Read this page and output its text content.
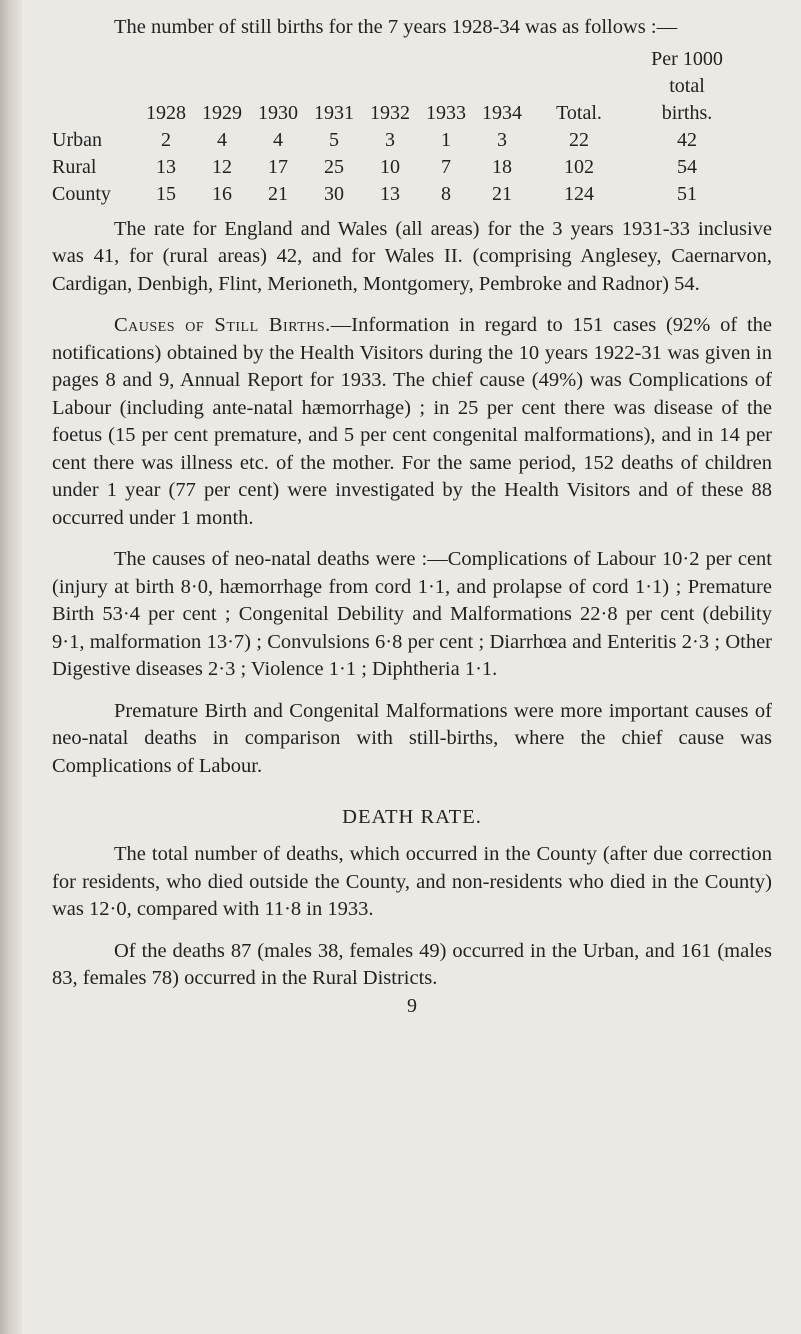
The number of still births for the 7 years 1928-34 was as follows :—

	1928	1929	1930	1931	1932	1933	1934	Total.	Per 1000
total
births.

Urban	2	4	4	5	3	1	3	22	42
Rural	13	12	17	25	10	7	18	102	54
County	15	16	21	30	13	8	21	124	51

The rate for England and Wales (all areas) for the 3 years 1931-33 inclusive was 41, for (rural areas) 42, and for Wales II. (comprising Anglesey, Caernarvon, Cardigan, Denbigh, Flint, Merioneth, Montgomery, Pembroke and Radnor) 54.

Causes of Still Births.—Information in regard to 151 cases (92% of the notifications) obtained by the Health Visitors during the 10 years 1922-31 was given in pages 8 and 9, Annual Report for 1933. The chief cause (49%) was Complications of Labour (including ante-natal hæmorrhage) ; in 25 per cent there was disease of the foetus (15 per cent premature, and 5 per cent congenital malformations), and in 14 per cent there was illness etc. of the mother. For the same period, 152 deaths of children under 1 year (77 per cent) were investigated by the Health Visitors and of these 88 occurred under 1 month.

The causes of neo-natal deaths were :—Complications of Labour 10·2 per cent (injury at birth 8·0, hæmorrhage from cord 1·1, and prolapse of cord 1·1) ; Premature Birth 53·4 per cent ; Congenital Debility and Malformations 22·8 per cent (debility 9·1, malformation 13·7) ; Convulsions 6·8 per cent ; Diarrhœa and Enteritis 2·3 ; Other Digestive diseases 2·3 ; Violence 1·1 ; Diphtheria 1·1.

Premature Birth and Congenital Malformations were more important causes of neo-natal deaths in comparison with still-births, where the chief cause was Complications of Labour.

DEATH RATE.

The total number of deaths, which occurred in the County (after due correction for residents, who died outside the County, and non-residents who died in the County) was 12·0, compared with 11·8 in 1933.

Of the deaths 87 (males 38, females 49) occurred in the Urban, and 161 (males 83, females 78) occurred in the Rural Districts.

9
